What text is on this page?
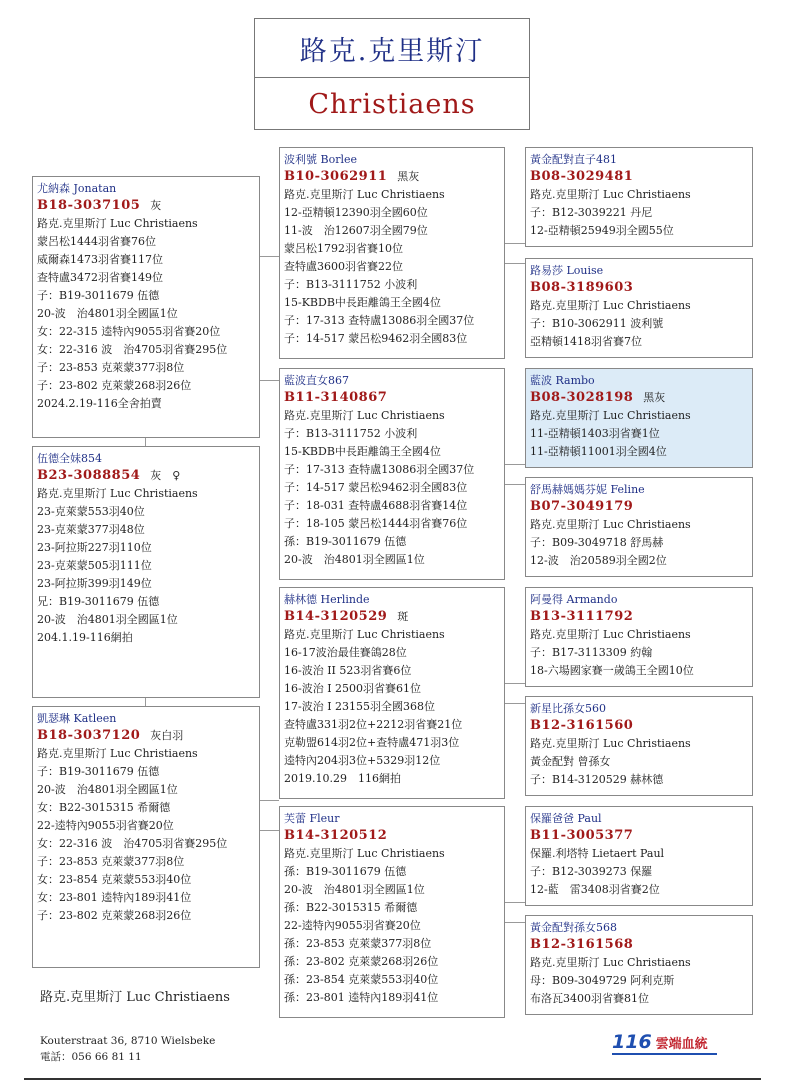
路克.克里斯汀
Christiaens
尤納森 Jonatan
B18-3037105 灰
路克.克里斯汀 Luc Christiaens
蒙呂松1444羽省賽76位
威爾森1473羽省賽117位
查特盧3472羽省賽149位
子：B19-3011679 伍德
20-波　治4801羽全國區1位
女：22-315 逵特內9055羽省賽20位
女：22-316 波　治4705羽省賽295位
子：23-853 克萊蒙377羽8位
子：23-802 克萊蒙268羽26位
2024.2.19-116全舍拍賣
伍德全妹854
B23-3088854 灰　♀
路克.克里斯汀 Luc Christiaens
23-克萊蒙553羽40位
23-克萊蒙377羽48位
23-阿拉斯227羽110位
23-克萊蒙505羽111位
23-阿拉斯399羽149位
兄：B19-3011679 伍德
20-波　治4801羽全國區1位
204.1.19-116網拍
凱瑟琳 Katleen
B18-3037120 灰白羽
路克.克里斯汀 Luc Christiaens
子：B19-3011679 伍德
20-波　治4801羽全國區1位
女：B22-3015315 希爾德
22-逵特內9055羽省賽20位
女：22-316 波　治4705羽省賽295位
子：23-853 克萊蒙377羽8位
女：23-854 克萊蒙553羽40位
女：23-801 逵特內189羽41位
子：23-802 克萊蒙268羽26位
波利號 Borlee
B10-3062911 黑灰
路克.克里斯汀 Luc Christiaens
12-亞精頓12390羽全國60位
11-波　治12607羽全國79位
蒙呂松1792羽省賽10位
查特盧3600羽省賽22位
子：B13-3111752 小波利
15-KBDB中長距離鴿王全國4位
子：17-313 查特盧13086羽全國37位
子：14-517 蒙呂松9462羽全國83位
藍波直女867
B11-3140867
路克.克里斯汀 Luc Christiaens
子：B13-3111752 小波利
15-KBDB中長距離鴿王全國4位
子：17-313 查特盧13086羽全國37位
子：14-517 蒙呂松9462羽全國83位
子：18-031 查特盧4688羽省賽14位
子：18-105 蒙呂松1444羽省賽76位
孫：B19-3011679 伍德
20-波　治4801羽全國區1位
赫林德 Herlinde
B14-3120529 斑
路克.克里斯汀 Luc Christiaens
16-17波治最佳賽鴿28位
16-波治 II 523羽省賽6位
16-波治 I 2500羽省賽61位
17-波治 I 23155羽全國368位
查特盧331羽2位+2212羽省賽21位
克勒盟614羽2位+查特盧471羽3位
逵特內204羽3位+5329羽12位
2019.10.29　116網拍
芙蕾 Fleur
B14-3120512
路克.克里斯汀 Luc Christiaens
孫：B19-3011679 伍德
20-波　治4801羽全國區1位
孫：B22-3015315 希爾德
22-逵特內9055羽省賽20位
孫：23-853 克萊蒙377羽8位
孫：23-802 克萊蒙268羽26位
孫：23-854 克萊蒙553羽40位
孫：23-801 逵特內189羽41位
黃金配對直子481
B08-3029481
路克.克里斯汀 Luc Christiaens
子：B12-3039221 丹尼
12-亞精頓25949羽全國55位
路易莎 Louise
B08-3189603
路克.克里斯汀 Luc Christiaens
子：B10-3062911 波利號
亞精頓1418羽省賽7位
藍波 Rambo
B08-3028198 黑灰
路克.克里斯汀 Luc Christiaens
11-亞精頓1403羽省賽1位
11-亞精頓11001羽全國4位
舒馬赫媽媽芬妮 Feline
B07-3049179
路克.克里斯汀 Luc Christiaens
子：B09-3049718 舒馬赫
12-波　治20589羽全國2位
阿曼得 Armando
B13-3111792
路克.克里斯汀 Luc Christiaens
子：B17-3113309 約翰
18-六場國家賽一歲鴿王全國10位
新星比孫女560
B12-3161560
路克.克里斯汀 Luc Christiaens
黃金配對 曾孫女
子：B14-3120529 赫林德
保羅爸爸 Paul
B11-3005377
保羅.利塔特 Lietaert Paul
子：B12-3039273 保羅
12-藍　雷3408羽省賽2位
黃金配對孫女568
B12-3161568
路克.克里斯汀 Luc Christiaens
母：B09-3049729 阿利克斯
布洛瓦3400羽省賽81位
路克.克里斯汀 Luc Christiaens
Kouterstraat 36, 8710 Wielsbeke
電話：056 66 81 11
116 雲端血統
